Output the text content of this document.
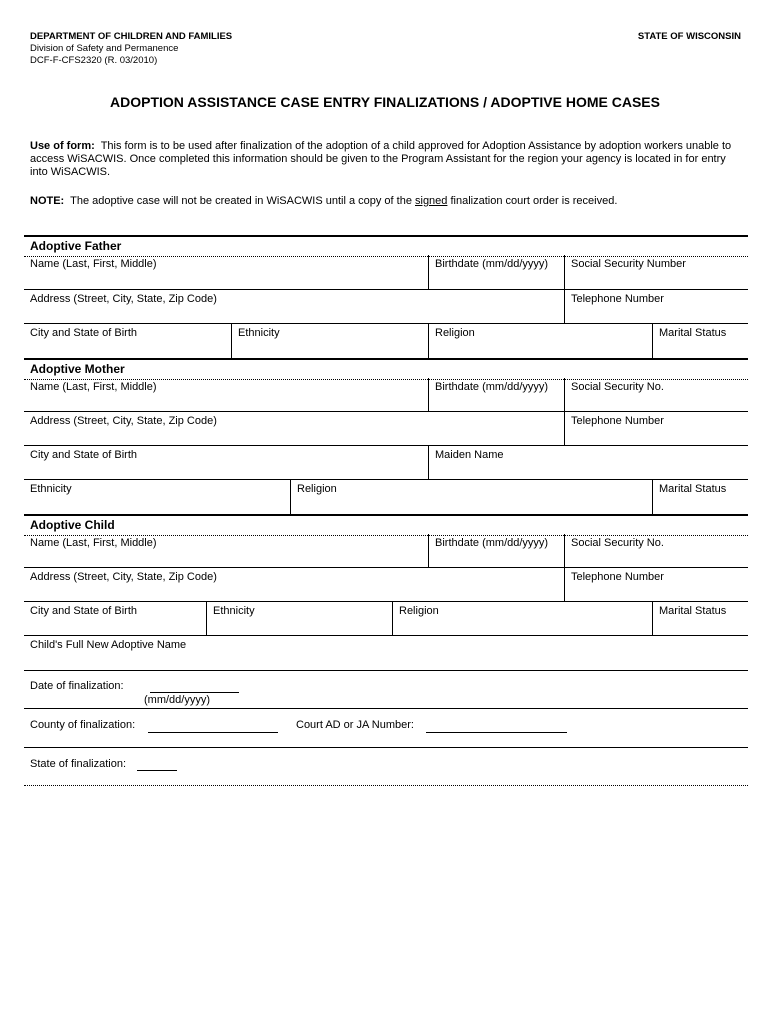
DEPARTMENT OF CHILDREN AND FAMILIES
Division of Safety and Permanence
DCF-F-CFS2320 (R. 03/2010)
STATE OF WISCONSIN
ADOPTION ASSISTANCE CASE ENTRY FINALIZATIONS / ADOPTIVE HOME CASES
Use of form: This form is to be used after finalization of the adoption of a child approved for Adoption Assistance by adoption workers unable to access WiSACWIS. Once completed this information should be given to the Program Assistant for the region your agency is located in for entry into WiSACWIS.
NOTE: The adoptive case will not be created in WiSACWIS until a copy of the signed finalization court order is received.
Adoptive Father
Name (Last, First, Middle)	Birthdate (mm/dd/yyyy)	Social Security Number
Address (Street, City, State, Zip Code)	Telephone Number
City and State of Birth	Ethnicity	Religion	Marital Status
Adoptive Mother
Name (Last, First, Middle)	Birthdate (mm/dd/yyyy)	Social Security No.
Address (Street, City, State, Zip Code)	Telephone Number
City and State of Birth	Maiden Name
Ethnicity	Religion	Marital Status
Adoptive Child
Name (Last, First, Middle)	Birthdate (mm/dd/yyyy)	Social Security No.
Address (Street, City, State, Zip Code)	Telephone Number
City and State of Birth	Ethnicity	Religion	Marital Status
Child's Full New Adoptive Name
Date of finalization:
(mm/dd/yyyy)
County of finalization:	Court AD or JA Number:
State of finalization:
